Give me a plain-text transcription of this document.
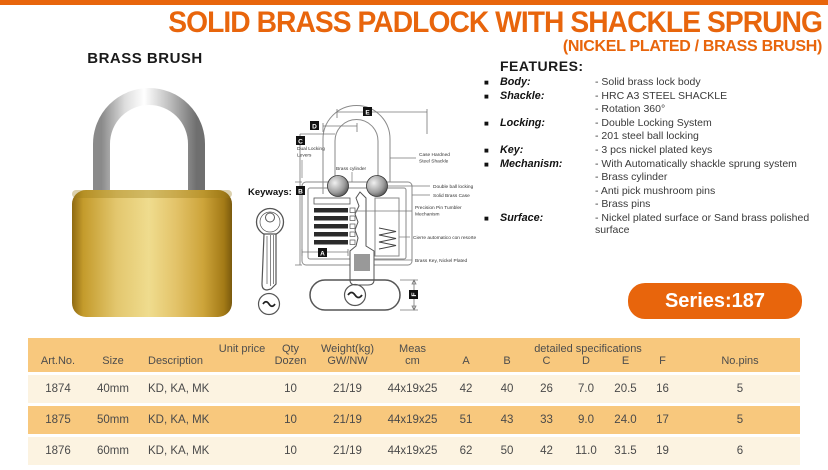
SOLID BRASS PADLOCK WITH SHACKLE SPRUNG
(NICKEL PLATED / BRASS BRUSH)
BRASS BRUSH
E
D
C
B
A
F
Dual Locking
Levers
Brass cylinder
Case Hardned
Steel Shackle
Double ball locking
Solid Brass Case
Precision Pin Tumbler
Mechanism
Cierre automatico con resorte
Brass Key, Nickel Plated
Keyways:
FEATURES:
■	Body:	- Solid brass lock body
■	Shackle:	- HRC A3 STEEL SHACKLE
- Rotation 360°
■	Locking:	- Double Locking System
- 201 steel ball locking
■	Key:	- 3 pcs nickel plated keys
■	Mechanism:	- With Automatically shackle sprung system
- Brass cylinder
- Anti pick mushroom pins
- Brass pins
■	Surface:	- Nickel plated surface or Sand brass polished surface
Series:187
Art.No. Size Description
Unit price Qty
Dozen
Weight(kg)
GW/NW
Meas
cm	A	B	C	D	E	F	No.pins
detailed specifications
1874	40mm	KD, KA, MK	10	21/19	44x19x25	42	40	26	7.0	20.5	16	5
1875	50mm	KD, KA, MK	10	21/19	44x19x25	51	43	33	9.0	24.0	17	5
1876	60mm	KD, KA, MK	10	21/19	44x19x25	62	50	42	11.0	31.5	19	6
